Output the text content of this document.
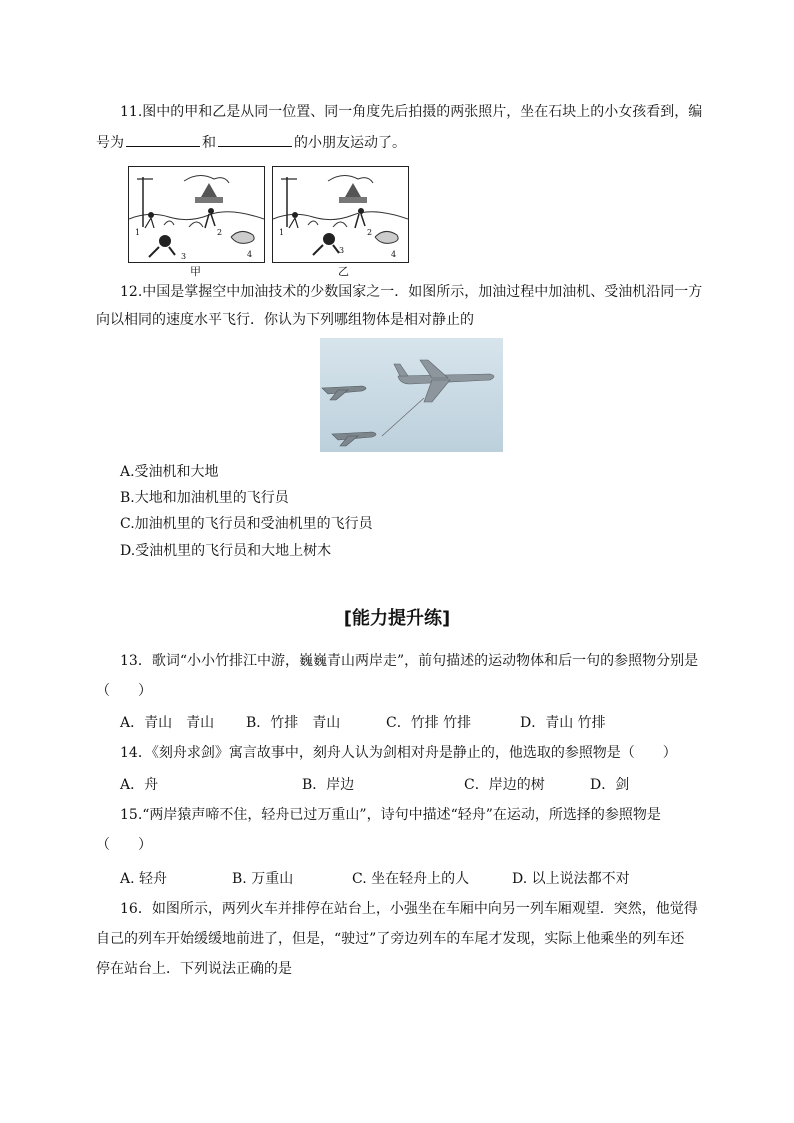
11.图中的甲和乙是从同一位置、同一角度先后拍摄的两张照片，坐在石块上的小女孩看到，编
号为	和	的小朋友运动了。
1	2
3	4
甲
1	2
3	4
乙
12.中国是掌握空中加油技术的少数国家之一．如图所示，加油过程中加油机、受油机沿同一方
向以相同的速度水平飞行．你认为下列哪组物体是相对静止的
A.受油机和大地
B.大地和加油机里的飞行员
C.加油机里的飞行员和受油机里的飞行员
D.受油机里的飞行员和大地上树木
[能力提升练]
13．歌词“小小竹排江中游，巍巍青山两岸走”，前句描述的运动物体和后一句的参照物分别是
（　　）
A．青山　青山 B．竹排　青山	C．竹排 竹排	D．青山 竹排
14．《刻舟求剑》寓言故事中，刻舟人认为剑相对舟是静止的，他选取的参照物是（　　）
A．舟	B．岸边	C．岸边的树	D．剑
15.“两岸猿声啼不住，轻舟已过万重山”，诗句中描述“轻舟”在运动，所选择的参照物是
（　　）
A. 轻舟	B. 万重山	C. 坐在轻舟上的人	D. 以上说法都不对
16．如图所示，两列火车并排停在站台上，小强坐在车厢中向另一列车厢观望．突然，他觉得
自己的列车开始缓缓地前进了，但是，“驶过”了旁边列车的车尾才发现，实际上他乘坐的列车还
停在站台上．下列说法正确的是
